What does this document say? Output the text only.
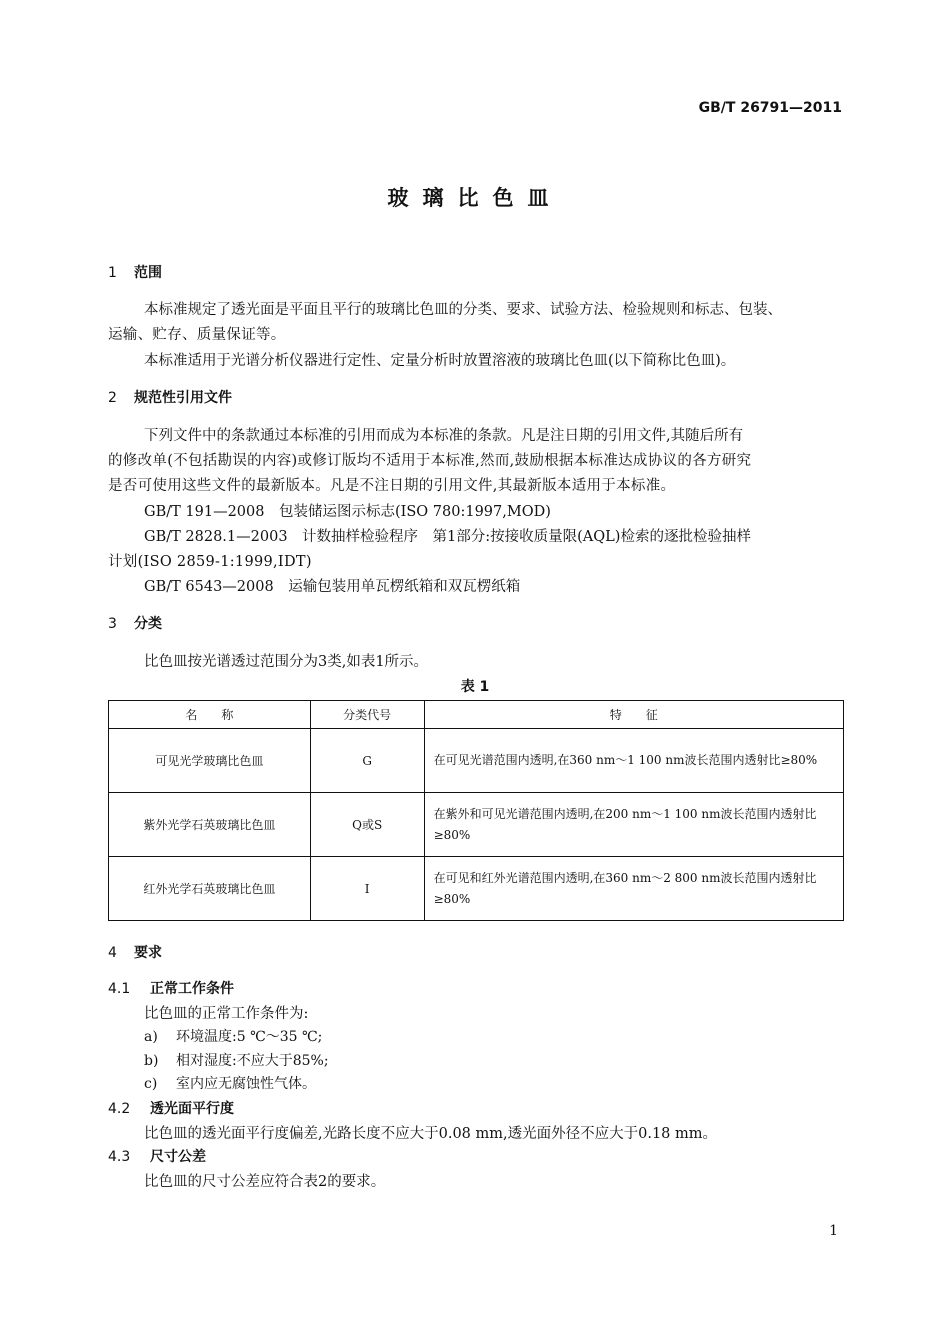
GB/T 26791—2011
玻璃比色皿
1 范围
本标准规定了透光面是平面且平行的玻璃比色皿的分类、要求、试验方法、检验规则和标志、包装、
运输、贮存、质量保证等。
本标准适用于光谱分析仪器进行定性、定量分析时放置溶液的玻璃比色皿(以下简称比色皿)。
2 规范性引用文件
下列文件中的条款通过本标准的引用而成为本标准的条款。凡是注日期的引用文件,其随后所有
的修改单(不包括勘误的内容)或修订版均不适用于本标准,然而,鼓励根据本标准达成协议的各方研究
是否可使用这些文件的最新版本。凡是不注日期的引用文件,其最新版本适用于本标准。
GB/T 191—2008　包装储运图示标志(ISO 780:1997,MOD)
GB/T 2828.1—2003　计数抽样检验程序　第1部分:按接收质量限(AQL)检索的逐批检验抽样
计划(ISO 2859-1:1999,IDT)
GB/T 6543—2008　运输包装用单瓦楞纸箱和双瓦楞纸箱
3 分类
比色皿按光谱透过范围分为3类,如表1所示。
表 1
名　　称	分类代号	特　　征
可见光学玻璃比色皿	G	在可见光谱范围内透明,在360 nm～1 100 nm波长范围内透射比≥80%
紫外光学石英玻璃比色皿	Q或S	在紫外和可见光谱范围内透明,在200 nm～1 100 nm波长范围内透射比≥80%
红外光学石英玻璃比色皿	I	在可见和红外光谱范围内透明,在360 nm～2 800 nm波长范围内透射比≥80%
4 要求
4.1 正常工作条件
比色皿的正常工作条件为:
a) 环境温度:5 ℃～35 ℃;
b) 相对湿度:不应大于85%;
c) 室内应无腐蚀性气体。
4.2 透光面平行度
比色皿的透光面平行度偏差,光路长度不应大于0.08 mm,透光面外径不应大于0.18 mm。
4.3 尺寸公差
比色皿的尺寸公差应符合表2的要求。
1
